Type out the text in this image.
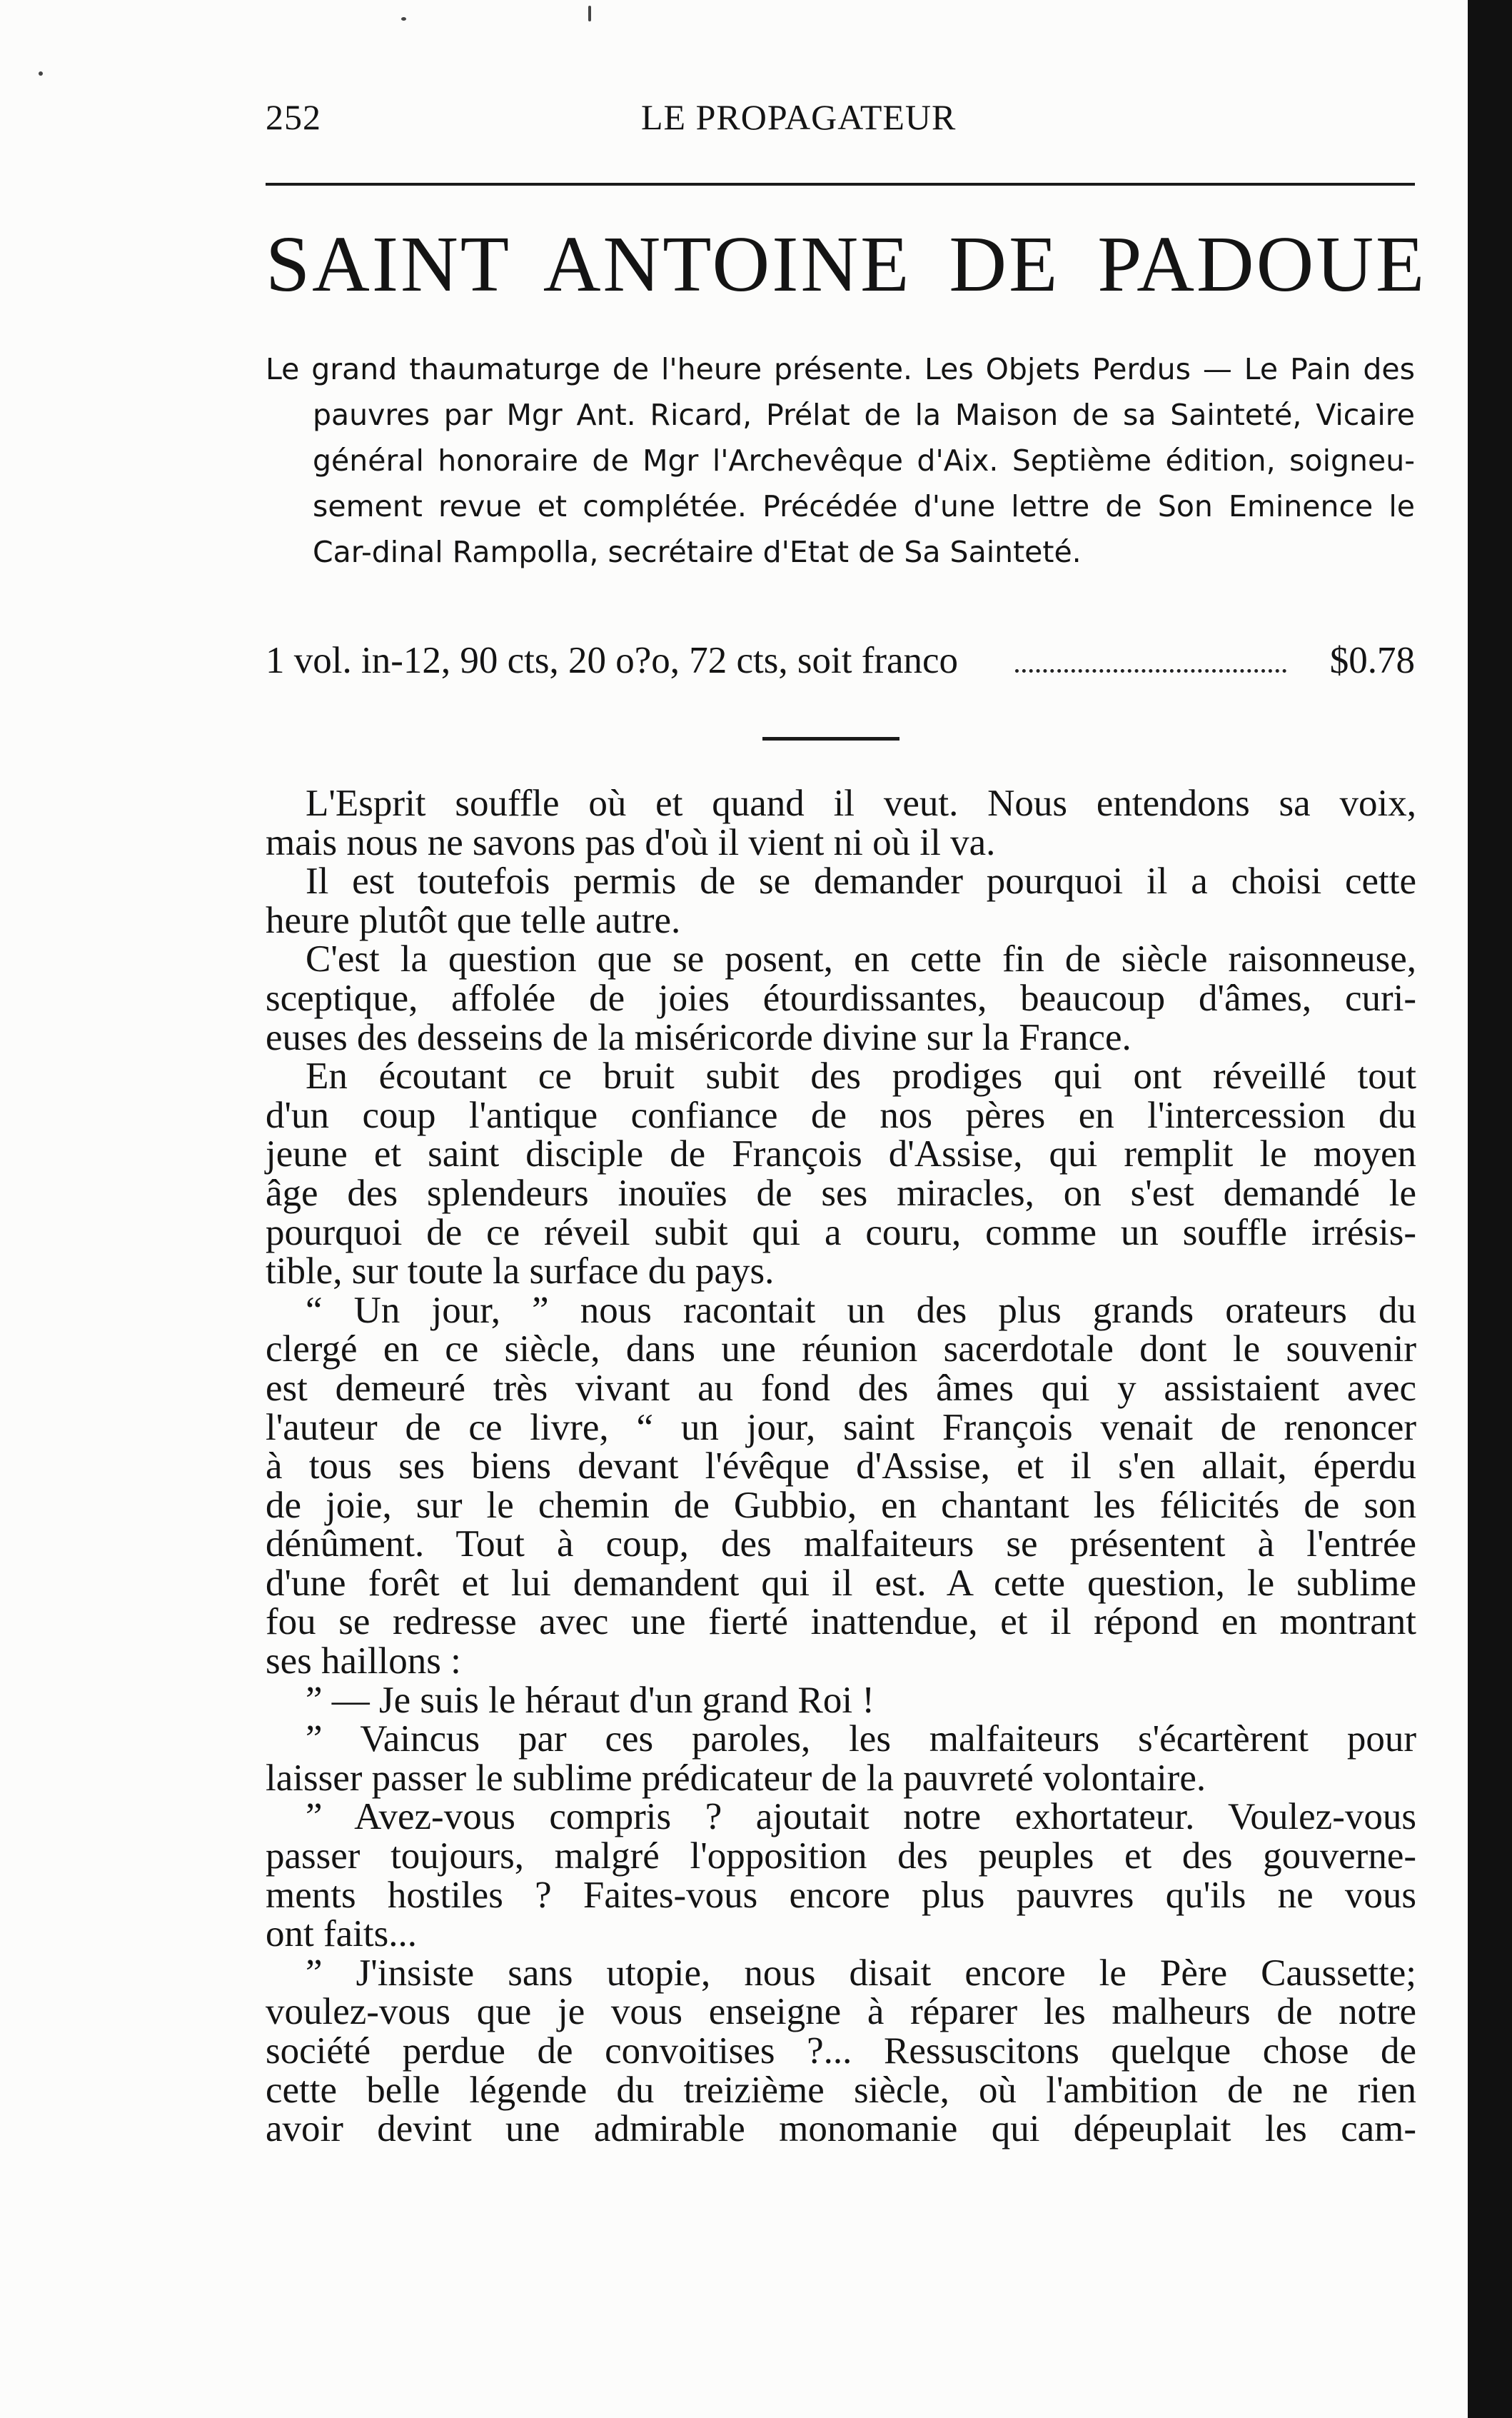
252	LE PROPAGATEUR
SAINT ANTOINE DE PADOUE
Le grand thaumaturge de l'heure présente. Les Objets Perdus — Le Pain des pauvres par Mgr Ant. Ricard, Prélat de la Maison de sa Sainteté, Vicaire général honoraire de Mgr l'Archevêque d'Aix. Septième édition, soigneu-sement revue et complétée. Précédée d'une lettre de Son Eminence le Car-dinal Rampolla, secrétaire d'Etat de Sa Sainteté.
1 vol. in-12, 90 cts, 20 o?o, 72 cts, soit franco	$0.78
L'Esprit souffle où et quand il veut. Nous entendons sa voix,
mais nous ne savons pas d'où il vient ni où il va.
Il est toutefois permis de se demander pourquoi il a choisi cette
heure plutôt que telle autre.
C'est la question que se posent, en cette fin de siècle raisonneuse,
sceptique, affolée de joies étourdissantes, beaucoup d'âmes, curi-
euses des desseins de la miséricorde divine sur la France.
En écoutant ce bruit subit des prodiges qui ont réveillé tout
d'un coup l'antique confiance de nos pères en l'intercession du
jeune et saint disciple de François d'Assise, qui remplit le moyen
âge des splendeurs inouïes de ses miracles, on s'est demandé le
pourquoi de ce réveil subit qui a couru, comme un souffle irrésis-
tible, sur toute la surface du pays.
“ Un jour, ” nous racontait un des plus grands orateurs du
clergé en ce siècle, dans une réunion sacerdotale dont le souvenir
est demeuré très vivant au fond des âmes qui y assistaient avec
l'auteur de ce livre, “ un jour, saint François venait de renoncer
à tous ses biens devant l'évêque d'Assise, et il s'en allait, éperdu
de joie, sur le chemin de Gubbio, en chantant les félicités de son
dénûment. Tout à coup, des malfaiteurs se présentent à l'entrée
d'une forêt et lui demandent qui il est. A cette question, le sublime
fou se redresse avec une fierté inattendue, et il répond en montrant
ses haillons :
” — Je suis le héraut d'un grand Roi !
” Vaincus par ces paroles, les malfaiteurs s'écartèrent pour
laisser passer le sublime prédicateur de la pauvreté volontaire.
” Avez-vous compris ? ajoutait notre exhortateur. Voulez-vous
passer toujours, malgré l'opposition des peuples et des gouverne-
ments hostiles ? Faites-vous encore plus pauvres qu'ils ne vous
ont faits...
” J'insiste sans utopie, nous disait encore le Père Caussette;
voulez-vous que je vous enseigne à réparer les malheurs de notre
société perdue de convoitises ?... Ressuscitons quelque chose de
cette belle légende du treizième siècle, où l'ambition de ne rien
avoir devint une admirable monomanie qui dépeuplait les cam-
